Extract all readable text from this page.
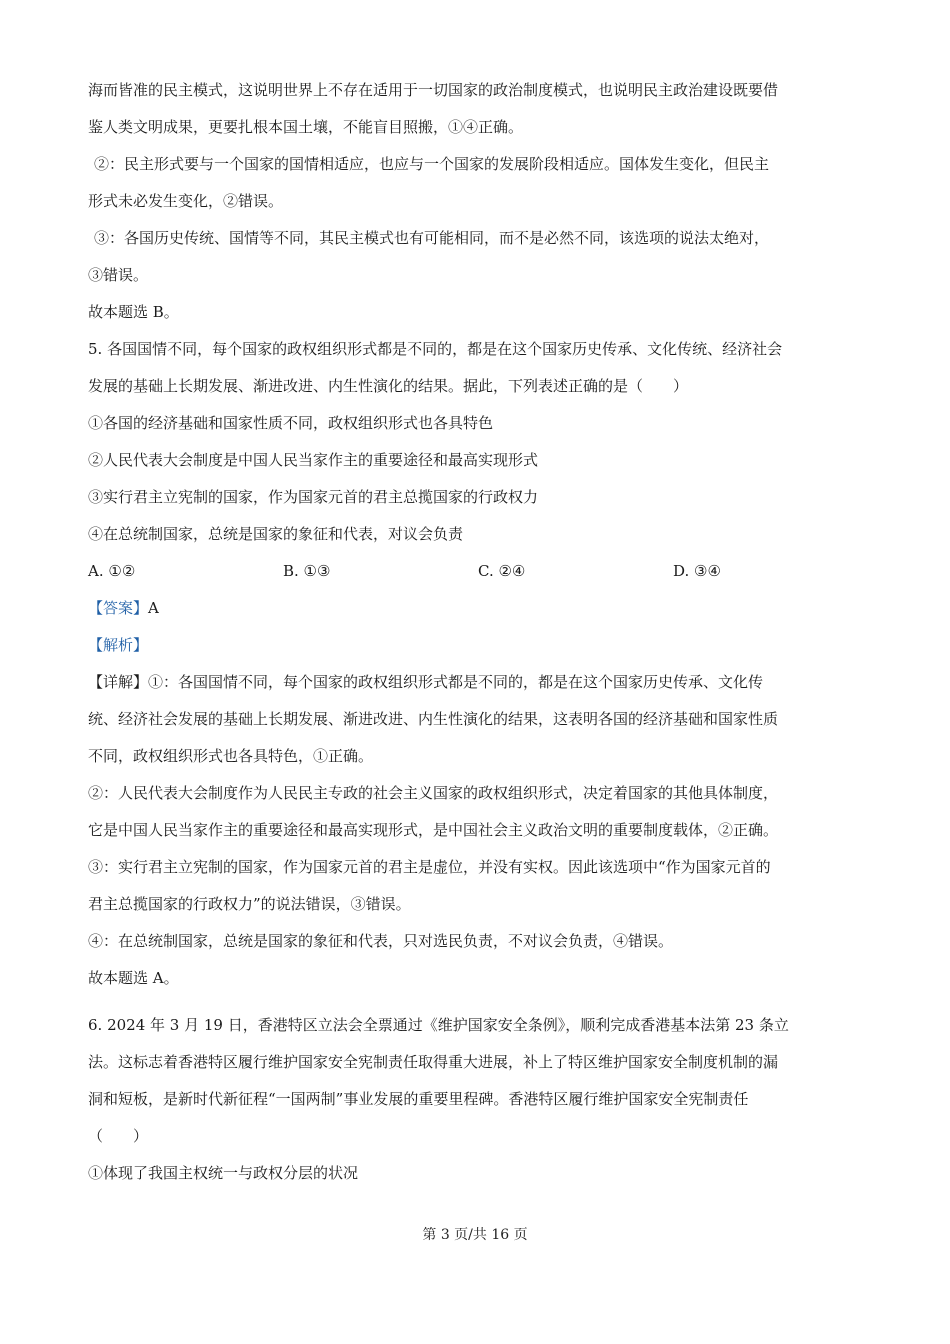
海而皆准的民主模式，这说明世界上不存在适用于一切国家的政治制度模式，也说明民主政治建设既要借
鉴人类文明成果，更要扎根本国土壤，不能盲目照搬，①④正确。
②：民主形式要与一个国家的国情相适应，也应与一个国家的发展阶段相适应。国体发生变化，但民主
形式未必发生变化，②错误。
③：各国历史传统、国情等不同，其民主模式也有可能相同，而不是必然不同，该选项的说法太绝对，
③错误。
故本题选 B。
5. 各国国情不同，每个国家的政权组织形式都是不同的，都是在这个国家历史传承、文化传统、经济社会
发展的基础上长期发展、渐进改进、内生性演化的结果。据此，下列表述正确的是（　　）
①各国的经济基础和国家性质不同，政权组织形式也各具特色
②人民代表大会制度是中国人民当家作主的重要途径和最高实现形式
③实行君主立宪制的国家，作为国家元首的君主总揽国家的行政权力
④在总统制国家，总统是国家的象征和代表，对议会负责
A. ①②	B. ①③	C. ②④	D. ③④
【答案】A
【解析】
【详解】①：各国国情不同，每个国家的政权组织形式都是不同的，都是在这个国家历史传承、文化传
统、经济社会发展的基础上长期发展、渐进改进、内生性演化的结果，这表明各国的经济基础和国家性质
不同，政权组织形式也各具特色，①正确。
②：人民代表大会制度作为人民民主专政的社会主义国家的政权组织形式，决定着国家的其他具体制度，
它是中国人民当家作主的重要途径和最高实现形式，是中国社会主义政治文明的重要制度载体，②正确。
③：实行君主立宪制的国家，作为国家元首的君主是虚位，并没有实权。因此该选项中“作为国家元首的
君主总揽国家的行政权力”的说法错误，③错误。
④：在总统制国家，总统是国家的象征和代表，只对选民负责，不对议会负责，④错误。
故本题选 A。
6. 2024 年 3 月 19 日，香港特区立法会全票通过《维护国家安全条例》，顺利完成香港基本法第 23 条立
法。这标志着香港特区履行维护国家安全宪制责任取得重大进展，补上了特区维护国家安全制度机制的漏
洞和短板，是新时代新征程“一国两制”事业发展的重要里程碑。香港特区履行维护国家安全宪制责任
（　　）
①体现了我国主权统一与政权分层的状况
第 3 页/共 16 页
